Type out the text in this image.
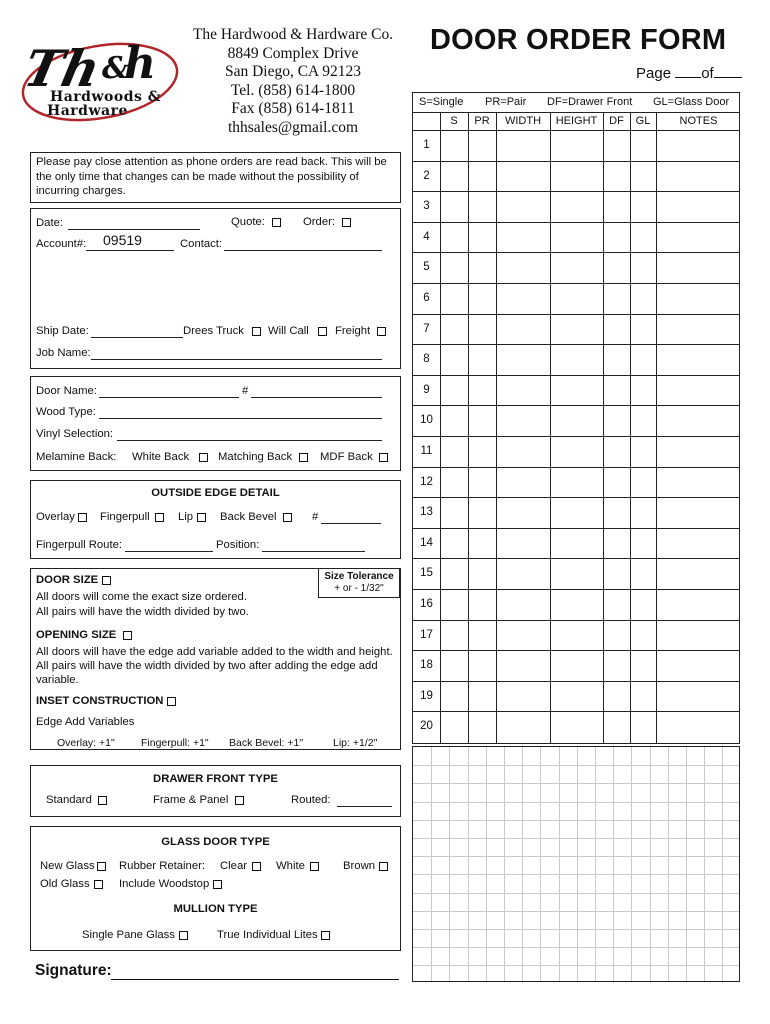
Th
&
h
Hardwoods &
Hardware
The Hardwood & Hardware Co.
8849 Complex Drive
San Diego, CA 92123
Tel. (858) 614-1800
Fax (858) 614-1811
thhsales@gmail.com
DOOR ORDER FORM
Page of
Please pay close attention as phone orders are read back. This will be the only time that changes can be made without the possibility of incurring charges.
Date:	Quote:	Order:
Account#: 09519	Contact:
Ship Date:	Drees Truck Will Call Freight
Job Name:
Door Name:	#
Wood Type:
Vinyl Selection:
Melamine Back: White Back	Matching Back MDF Back
OUTSIDE EDGE DETAIL
Overlay Fingerpull	Lip Back Bevel	#
Fingerpull Route:	Position:
DOOR SIZE	Size Tolerance
+ or - 1/32"
All doors will come the exact size ordered.
All pairs will have the width divided by two.
OPENING SIZE
All doors will have the edge add variable added to the width and height.
All pairs will have the width divided by two after adding the edge add
variable.
INSET CONSTRUCTION
Edge Add Variables
Overlay: +1"	Fingerpull: +1" Back Bevel: +1"	Lip: +1/2"
DRAWER FRONT TYPE
Standard	Frame & Panel	Routed:
GLASS DOOR TYPE
New Glass Rubber Retainer: Clear	White	Brown
Old Glass	Include Woodstop
MULLION TYPE
Single Pane Glass	True Individual Lites
Signature:
S=Single PR=Pair DF=Drawer Front GL=Glass Door
S	PR	WIDTH	HEIGHT	DF	GL	NOTES
1
2
3
4
5
6
7
8
9
10
11
12
13
14
15
16
17
18
19
20
